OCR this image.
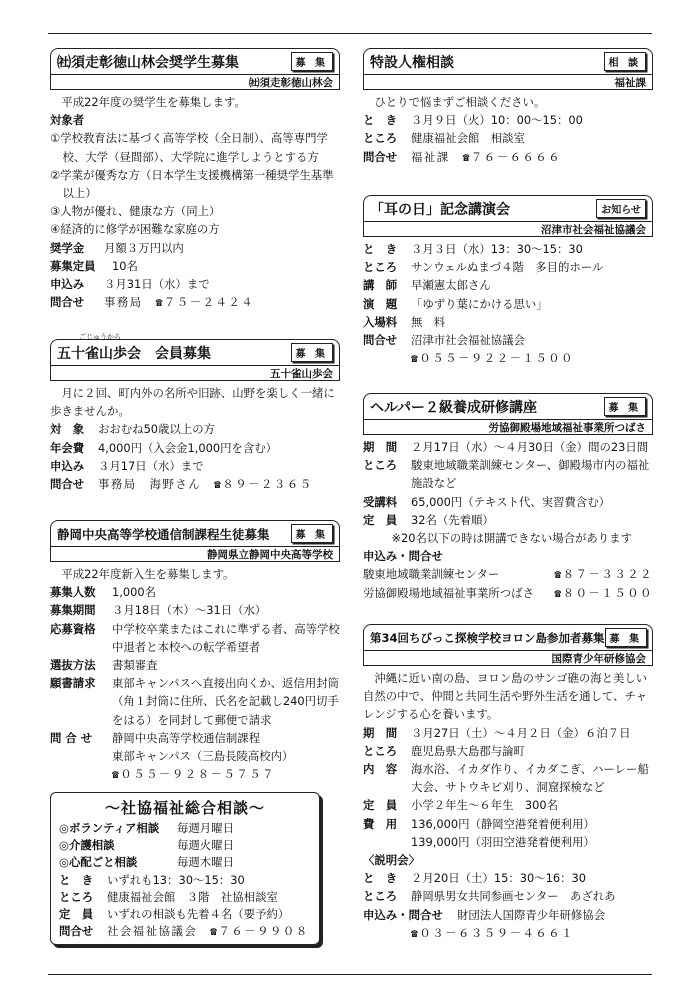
㈳須走彰徳山林会奨学生募集	募 集
㈳須走彰徳山林会

平成22年度の奨学生を募集します。

対象者

①学校教育法に基づく高等学校（全日制）、高等専門学校、大学（昼間部）、大学院に進学しようとする方

②学業が優秀な方（日本学生支援機構第一種奨学生基準以上）

③人物が優れ、健康な方（同上）

④経済的に修学が困難な家庭の方

奨学金	月額３万円以内
募集定員	10名
申込み	３月31日（水）まで
問合せ	事務局　☎７５－２４２４
ごじゅうから
五十雀山歩会　会員募集	募 集
五十雀山歩会

月に２回、町内外の名所や旧跡、山野を楽しく一緒に歩きませんか。

対　象	おおむね50歳以上の方
年会費	4,000円（入会金1,000円を含む）
申込み	３月17日（水）まで
問合せ	事務局　海野さん　☎８９－２３６５
静岡中央高等学校通信制課程生徒募集	募 集
静岡県立静岡中央高等学校

平成22年度新入生を募集します。

募集人数	1,000名
募集期間	３月18日（木）～31日（水）
応募資格	中学校卒業またはこれに準ずる者、高等学校中退者と本校への転学希望者
選抜方法	書類審査
願書請求	東部キャンパスへ直接出向くか、返信用封筒（角１封筒に住所、氏名を記載し240円切手をはる）を同封して郵便で請求
問 合 せ	静岡中央高等学校通信制課程
東部キャンパス（三島長陵高校内）
☎０５５－９２８－５７５７
～社協福祉総合相談～
◎ボランティア相談	毎週月曜日
◎介護相談	毎週火曜日
◎心配ごと相談	毎週木曜日
と　き	いずれも13：30～15：30
ところ	健康福祉会館　３階　社協相談室
定　員	いずれの相談も先着４名（要予約）
問合せ	社会福祉協議会　☎７６－９９０８
特設人権相談	相 談
福祉課

ひとりで悩まずご相談ください。

と　き	３月９日（火）10：00～15：00
ところ	健康福祉会館　相談室
問合せ	福祉課　☎７６－６６６６
「耳の日」記念講演会	お知らせ
沼津市社会福祉協議会
と　き	３月３日（水）13：30～15：30
ところ	サンウェルぬまづ４階　多目的ホール
講　師	早瀬憲太郎さん
演　題	「ゆずり葉にかける思い」
入場料	無　料
問合せ	沼津市社会福祉協議会
☎０５５－９２２－１５００
ヘルパー２級養成研修講座	募 集
労協御殿場地域福祉事業所つばさ
期　間	２月17日（水）～４月30日（金）間の23日間
ところ	駿東地域職業訓練センター、御殿場市内の福祉施設など
受講料	65,000円（テキスト代、実習費含む）
定　員	32名（先着順）

※20名以下の時は開講できない場合があります

申込み・問合せ

駿東地域職業訓練センター	☎８７－３３２２
労協御殿場地域福祉事業所つばさ ☎８０－１５００
第34回ちびっこ探検学校ヨロン島参加者募集 募 集
国際青少年研修協会

沖縄に近い南の島、ヨロン島のサンゴ礁の海と美しい自然の中で、仲間と共同生活や野外生活を通して、チャレンジする心を養います。

期　間	３月27日（土）～４月２日（金）６泊７日
ところ	鹿児島県大島郡与論町
内　容	海水浴、イカダ作り、イカダこぎ、ハーレー船大会、サトウキビ刈り、洞窟探検など
定　員	小学２年生～６年生　300名
費　用	136,000円（静岡空港発着便利用）
139,000円（羽田空港発着便利用）

〈説明会〉

と　き	２月20日（土）15：30～16：30
ところ	静岡県男女共同参画センター　あざれあ
申込み・問合せ	財団法人国際青少年研修協会
☎０３－６３５９－４６６１
